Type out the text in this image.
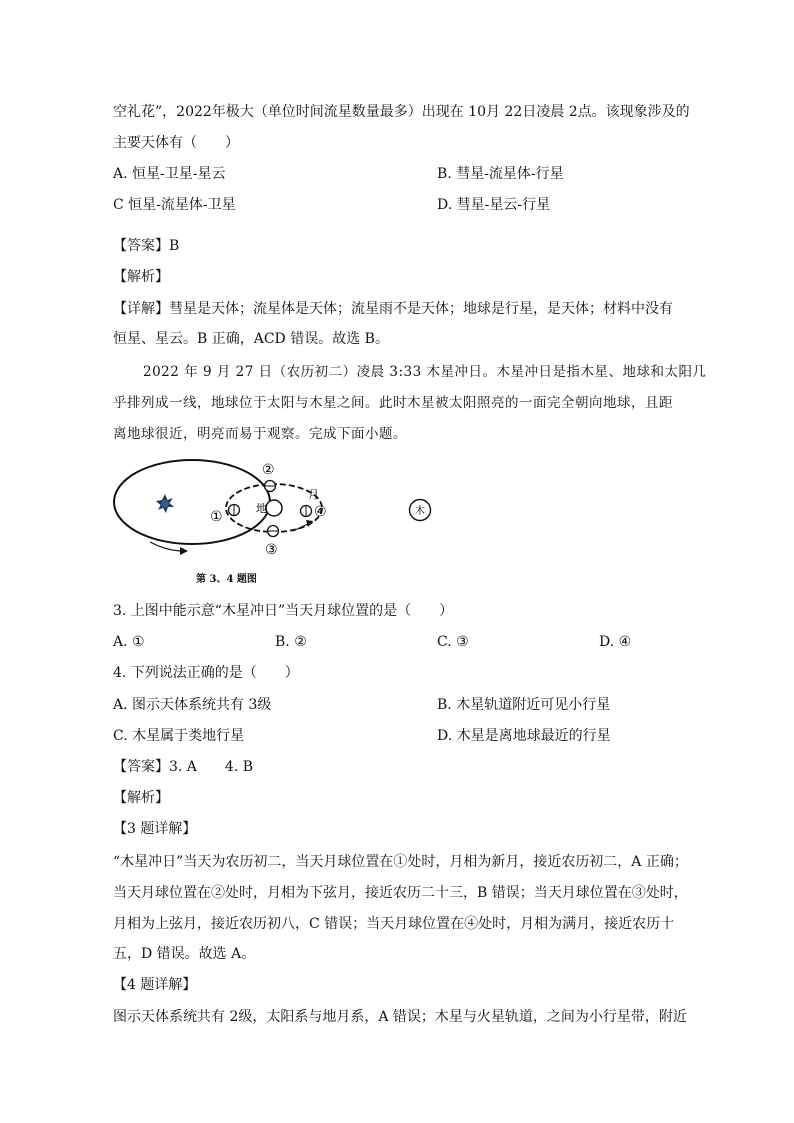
空礼花”，2022年极大（单位时间流星数量最多）出现在 10月 22日凌晨 2点。该现象涉及的
主要天体有（　　）
A. 恒星-卫星-星云	B. 彗星-流星体-行星
C 恒星-流星体-卫星	D. 彗星-星云-行星
【答案】B
【解析】
【详解】彗星是天体；流星体是天体；流星雨不是天体；地球是行星，是天体；材料中没有
恒星、星云。B 正确，ACD 错误。故选 B。
2022 年 9 月 27 日（农历初二）凌晨 3:33 木星冲日。木星冲日是指木星、地球和太阳几
乎排列成一线，地球位于太阳与木星之间。此时木星被太阳照亮的一面完全朝向地球，且距
离地球很近，明亮而易于观察。完成下面小题。
地
月
①
②
③
④	木
第 3、4 题图
3. 上图中能示意“木星冲日”当天月球位置的是（　　）
A. ①	B. ②	C. ③	D. ④
4. 下列说法正确的是（　　）
A. 图示天体系统共有 3级	B. 木星轨道附近可见小行星
C. 木星属于类地行星	D. 木星是离地球最近的行星
【答案】3. A　　4. B
【解析】
【3 题详解】
“木星冲日”当天为农历初二，当天月球位置在①处时，月相为新月，接近农历初二，A 正确；
当天月球位置在②处时，月相为下弦月，接近农历二十三，B 错误；当天月球位置在③处时，
月相为上弦月，接近农历初八，C 错误；当天月球位置在④处时，月相为满月，接近农历十
五，D 错误。故选 A。
【4 题详解】
图示天体系统共有 2级，太阳系与地月系，A 错误；木星与火星轨道，之间为小行星带，附近
